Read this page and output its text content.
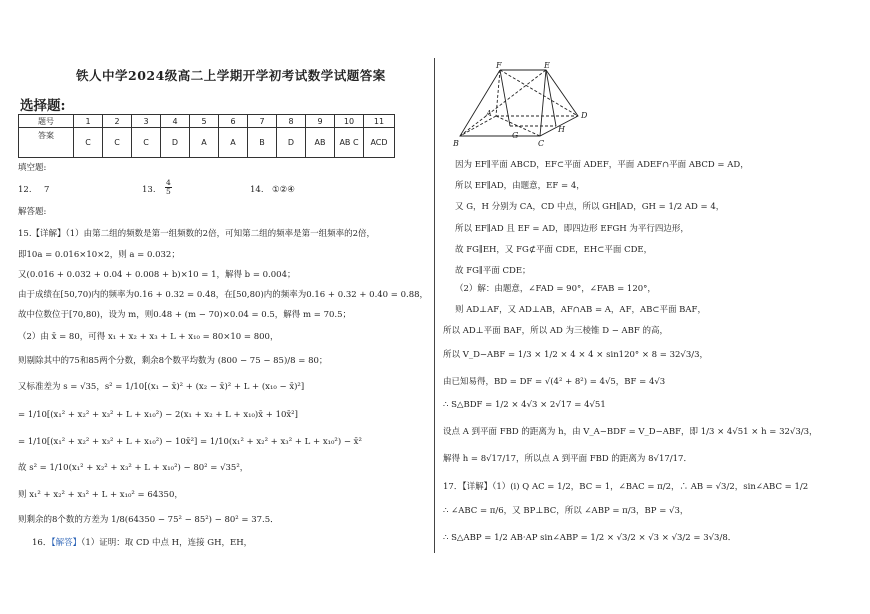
铁人中学2024级高二上学期开学初考试数学试题答案
选择题:
题号	1	2	3	4	5	6	7	8	9	10	11
答案	C	C	C	D	A	A	B	D	AB	AB C	ACD
填空题:
12. 7	13. $\frac{4}{5}$	14. ①②④
解答题:
15.【详解】（1）由第二组的频数是第一组频数的2倍，可知第二组的频率是第一组频率的2倍，
即10a = 0.016×10×2，则 a = 0.032；
又(0.016 + 0.032 + 0.04 + 0.008 + b)×10 = 1，解得 b = 0.004；
由于成绩在[50,70)内的频率为0.16 + 0.32 = 0.48，在[50,80)内的频率为0.16 + 0.32 + 0.40 = 0.88，
故中位数位于[70,80)，设为 m，则0.48 + (m − 70)×0.04 = 0.5，解得 m = 70.5；
（2）由 x̄ = 80，可得 x₁ + x₂ + x₃ + L + x₁₀ = 80×10 = 800，
则剔除其中的75和85两个分数，剩余8个数平均数为 (800 − 75 − 85)/8 = 80；
又标准差为 s = √35，s² = 1/10[(x₁ − x̄)² + (x₂ − x̄)² + L + (x₁₀ − x̄)²]
= 1/10[(x₁² + x₂² + x₃² + L + x₁₀²) − 2(x₁ + x₂ + L + x₁₀)x̄ + 10x̄²]
= 1/10[(x₁² + x₂² + x₃² + L + x₁₀²) − 10x̄²] = 1/10(x₁² + x₂² + x₃² + L + x₁₀²) − x̄²
故 s² = 1/10(x₁² + x₂² + x₃² + L + x₁₀²) − 80² = √35²，
则 x₁² + x₂² + x₃² + L + x₁₀² = 64350，
则剩余的8个数的方差为 1/8(64350 − 75² − 85²) − 80² = 37.5．
16．【解答】（1）证明：取 CD 中点 H，连接 GH，EH，
F	E
A	D
H
B
G
C
因为 EF∥平面 ABCD，EF⊂平面 ADEF，平面 ADEF∩平面 ABCD = AD，
所以 EF∥AD，由题意，EF = 4，
又 G，H 分别为 CA，CD 中点，所以 GH∥AD，GH = 1/2 AD = 4，
所以 EF∥AD 且 EF = AD，即四边形 EFGH 为平行四边形，
故 FG∥EH，又 FG⊄平面 CDE，EH⊂平面 CDE，
故 FG∥平面 CDE；
（2）解：由题意，∠FAD = 90°，∠FAB = 120°，
则 AD⊥AF，又 AD⊥AB，AF∩AB = A，AF，AB⊂平面 BAF，
所以 AD⊥平面 BAF，所以 AD 为三棱锥 D − ABF 的高，
所以 V_D−ABF = 1/3 × 1/2 × 4 × 4 × sin120° × 8 = 32√3/3，
由已知易得，BD = DF = √(4² + 8²) = 4√5，BF = 4√3
∴ S△BDF = 1/2 × 4√3 × 2√17 = 4√51
设点 A 到平面 FBD 的距离为 h，由 V_A−BDF = V_D−ABF，即 1/3 × 4√51 × h = 32√3/3，
解得 h = 8√17/17，所以点 A 到平面 FBD 的距离为 8√17/17．
17．【详解】（1）(i) Q AC = 1/2，BC = 1，∠BAC = π/2，∴ AB = √3/2，sin∠ABC = 1/2
∴ ∠ABC = π/6，又 BP⊥BC，所以 ∠ABP = π/3，BP = √3，
∴ S△ABP = 1/2 AB·AP sin∠ABP = 1/2 × √3/2 × √3 × √3/2 = 3√3/8．
